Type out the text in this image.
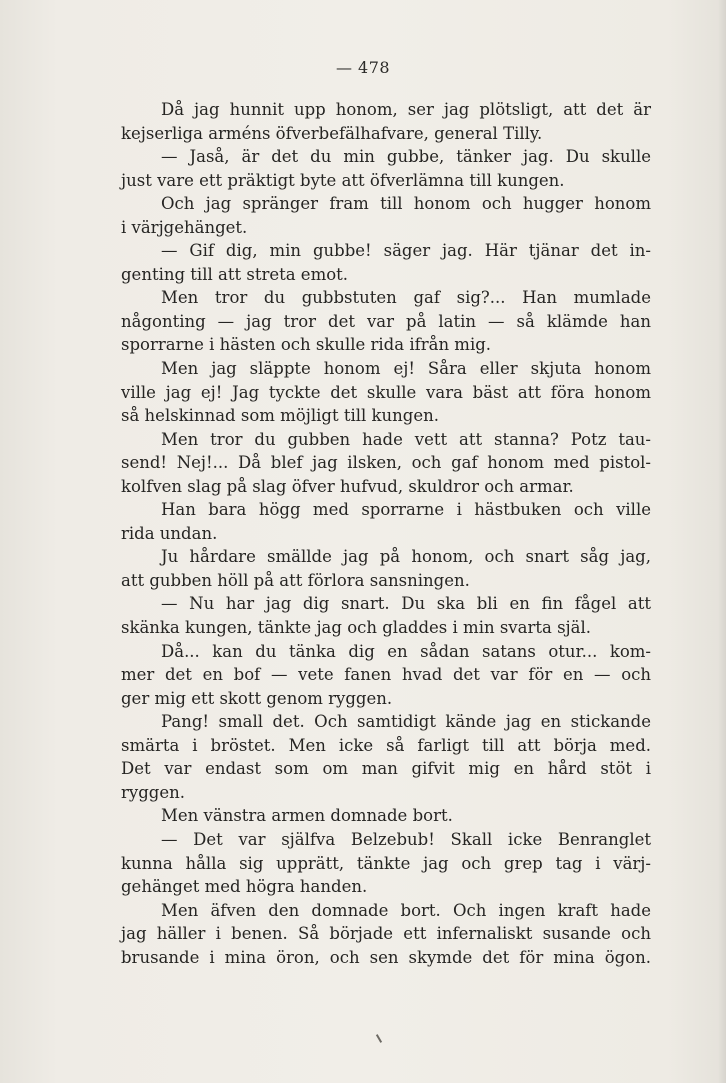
— 478
Då jag hunnit upp honom, ser jag plötsligt, att det är
kejserliga arméns öfverbefälhafvare, general Tilly.
— Jaså, är det du min gubbe, tänker jag. Du skulle
just vare ett präktigt byte att öfverlämna till kungen.
Och jag spränger fram till honom och hugger honom
i värjgehänget.
— Gif dig, min gubbe! säger jag. Här tjänar det in-
genting till att streta emot.
Men tror du gubbstuten gaf sig?... Han mumlade
någonting — jag tror det var på latin — så klämde han
sporrarne i hästen och skulle rida ifrån mig.
Men jag släppte honom ej! Såra eller skjuta honom
ville jag ej! Jag tyckte det skulle vara bäst att föra honom
så helskinnad som möjligt till kungen.
Men tror du gubben hade vett att stanna? Potz tau-
send! Nej!... Då blef jag ilsken, och gaf honom med pistol-
kolfven slag på slag öfver hufvud, skuldror och armar.
Han bara högg med sporrarne i hästbuken och ville
rida undan.
Ju hårdare smällde jag på honom, och snart såg jag,
att gubben höll på att förlora sansningen.
— Nu har jag dig snart. Du ska bli en fin fågel att
skänka kungen, tänkte jag och gladdes i min svarta själ.
Då... kan du tänka dig en sådan satans otur... kom-
mer det en bof — vete fanen hvad det var för en — och
ger mig ett skott genom ryggen.
Pang! small det. Och samtidigt kände jag en stickande
smärta i bröstet. Men icke så farligt till att börja med.
Det var endast som om man gifvit mig en hård stöt i
ryggen.
Men vänstra armen domnade bort.
— Det var själfva Belzebub! Skall icke Benranglet
kunna hålla sig upprätt, tänkte jag och grep tag i värj-
gehänget med högra handen.
Men äfven den domnade bort. Och ingen kraft hade
jag häller i benen. Så började ett infernaliskt susande och
brusande i mina öron, och sen skymde det för mina ögon.
